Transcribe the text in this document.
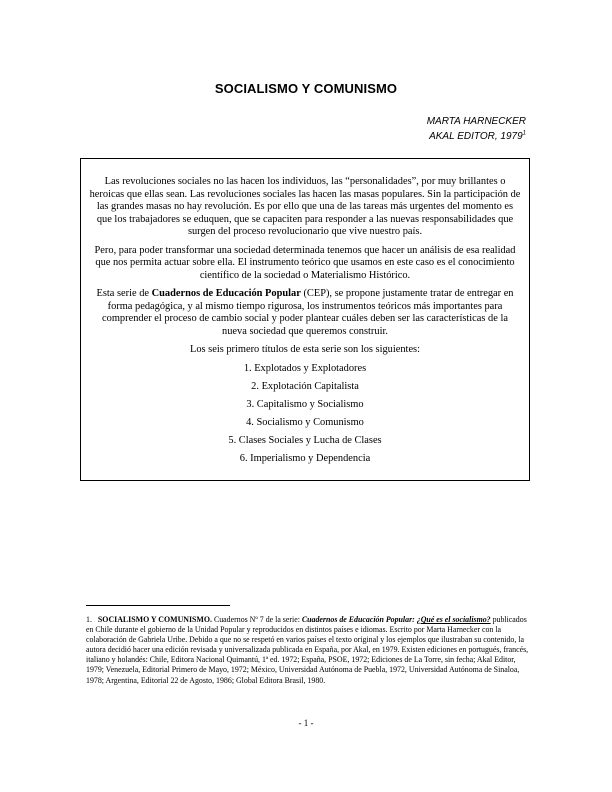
SOCIALISMO Y COMUNISMO
MARTA HARNECKER
AKAL EDITOR, 1979$^1$

Las revoluciones sociales no las hacen los individuos, las “personalidades”, por muy brillantes o heroicas que ellas sean. Las revoluciones sociales las hacen las masas populares. Sin la participación de las grandes masas no hay revolución. Es por ello que una de las tareas más urgentes del momento es que los trabajadores se eduquen, que se capaciten para responder a las nuevas responsabilidades que surgen del proceso revolucionario que vive nuestro país.

Pero, para poder transformar una sociedad determinada tenemos que hacer un análisis de esa realidad que nos permita actuar sobre ella. El instrumento teórico que usamos en este caso es el conocimiento científico de la sociedad o Materialismo Histórico.

Esta serie de Cuadernos de Educación Popular (CEP), se propone justamente tratar de entregar en forma pedagógica, y al mismo tiempo rigurosa, los instrumentos teóricos más importantes para comprender el proceso de cambio social y poder plantear cuáles deben ser las características de la nueva sociedad que queremos construir.

Los seis primero títulos de esta serie son los siguientes:

1. Explotados y Explotadores
2. Explotación Capitalista
3. Capitalismo y Socialismo
4. Socialismo y Comunismo
5. Clases Sociales y Lucha de Clases
6. Imperialismo y Dependencia
1. SOCIALISMO Y COMUNISMO. Cuadernos Nº 7 de la serie: Cuadernos de Educación Popular: ¿Qué es el socialismo? publicados en Chile durante el gobierno de la Unidad Popular y reproducidos en distintos países e idiomas. Escrito por Marta Harnecker con la colaboración de Gabriela Uribe. Debido a que no se respetó en varios países el texto original y los ejemplos que ilustraban su contenido, la autora decidió hacer una edición revisada y universalizada publicada en España, por Akal, en 1979. Existen ediciones en portugués, francés, italiano y holandés: Chile, Editora Nacional Quimantú, 1ª ed. 1972; España, PSOE, 1972; Ediciones de La Torre, sin fecha; Akal Editor, 1979; Venezuela, Editorial Primero de Mayo, 1972; México, Universidad Autónoma de Puebla, 1972, Universidad Autónoma de Sinaloa, 1978; Argentina, Editorial 22 de Agosto, 1986; Global Editora Brasil, 1980.
- 1 -
